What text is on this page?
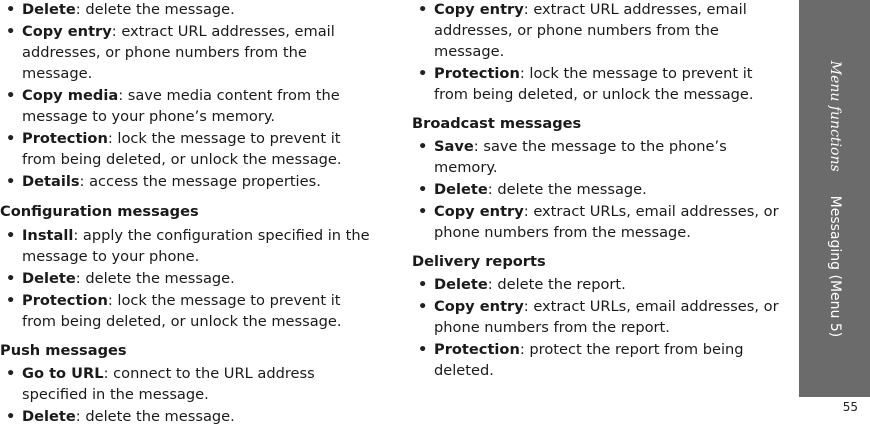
• Delete: delete the message.
• Copy entry: extract URL addresses, email addresses, or phone numbers from the message.
• Copy media: save media content from the message to your phone’s memory.
• Protection: lock the message to prevent it from being deleted, or unlock the message.
• Details: access the message properties.
Configuration messages
• Install: apply the configuration specified in the message to your phone.
• Delete: delete the message.
• Protection: lock the message to prevent it from being deleted, or unlock the message.
Push messages
• Go to URL: connect to the URL address specified in the message.
• Delete: delete the message.
• Copy entry: extract URL addresses, email addresses, or phone numbers from the message.
• Protection: lock the message to prevent it from being deleted, or unlock the message.
Broadcast messages
• Save: save the message to the phone’s memory.
• Delete: delete the message.
• Copy entry: extract URLs, email addresses, or phone numbers from the message.
Delivery reports
• Delete: delete the report.
• Copy entry: extract URLs, email addresses, or phone numbers from the report.
• Protection: protect the report from being deleted.
Menu functionsMessaging (Menu 5)
55
